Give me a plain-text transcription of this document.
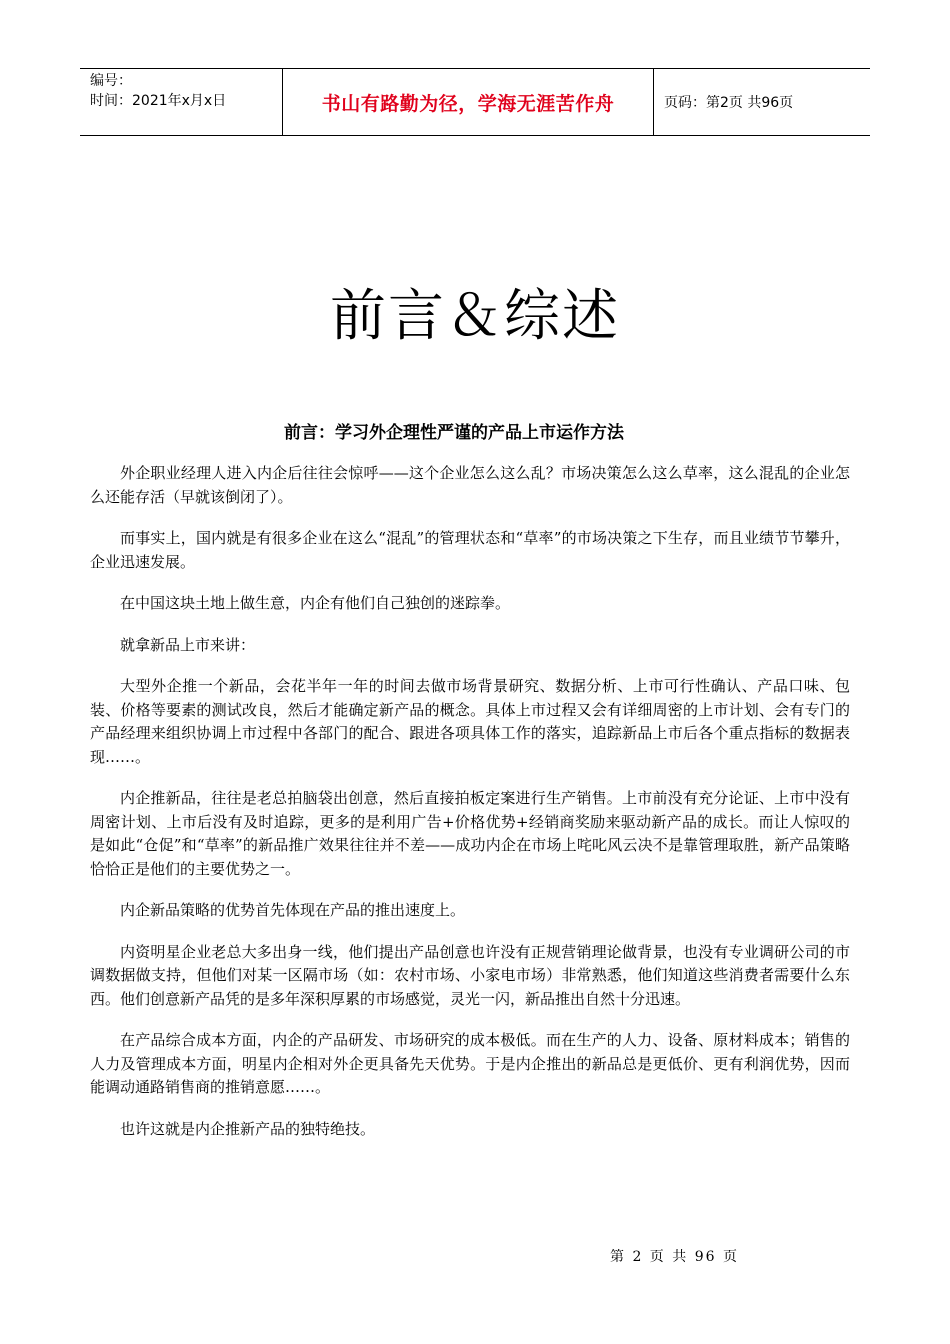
编号：
时间：2021年x月x日	书山有路勤为径，学海无涯苦作舟	页码：第2页 共96页
前言＆综述
前言：学习外企理性严谨的产品上市运作方法

外企职业经理人进入内企后往往会惊呼——这个企业怎么这么乱？市场决策怎么这么草率，这么混乱的企业怎么还能存活（早就该倒闭了）。

而事实上，国内就是有很多企业在这么“混乱”的管理状态和“草率”的市场决策之下生存，而且业绩节节攀升，企业迅速发展。

在中国这块土地上做生意，内企有他们自己独创的迷踪拳。

就拿新品上市来讲：

大型外企推一个新品，会花半年一年的时间去做市场背景研究、数据分析、上市可行性确认、产品口味、包装、价格等要素的测试改良，然后才能确定新产品的概念。具体上市过程又会有详细周密的上市计划、会有专门的产品经理来组织协调上市过程中各部门的配合、跟进各项具体工作的落实，追踪新品上市后各个重点指标的数据表现……。

内企推新品，往往是老总拍脑袋出创意，然后直接拍板定案进行生产销售。上市前没有充分论证、上市中没有周密计划、上市后没有及时追踪，更多的是利用广告+价格优势+经销商奖励来驱动新产品的成长。而让人惊叹的是如此“仓促”和“草率”的新品推广效果往往并不差——成功内企在市场上咤叱风云决不是靠管理取胜，新产品策略恰恰正是他们的主要优势之一。

内企新品策略的优势首先体现在产品的推出速度上。

内资明星企业老总大多出身一线，他们提出产品创意也许没有正规营销理论做背景，也没有专业调研公司的市调数据做支持，但他们对某一区隔市场（如：农村市场、小家电市场）非常熟悉，他们知道这些消费者需要什么东西。他们创意新产品凭的是多年深积厚累的市场感觉，灵光一闪，新品推出自然十分迅速。

在产品综合成本方面，内企的产品研发、市场研究的成本极低。而在生产的人力、设备、原材料成本；销售的人力及管理成本方面，明星内企相对外企更具备先天优势。于是内企推出的新品总是更低价、更有利润优势，因而能调动通路销售商的推销意愿……。

也许这就是内企推新产品的独特绝技。

第 2 页 共 96 页
